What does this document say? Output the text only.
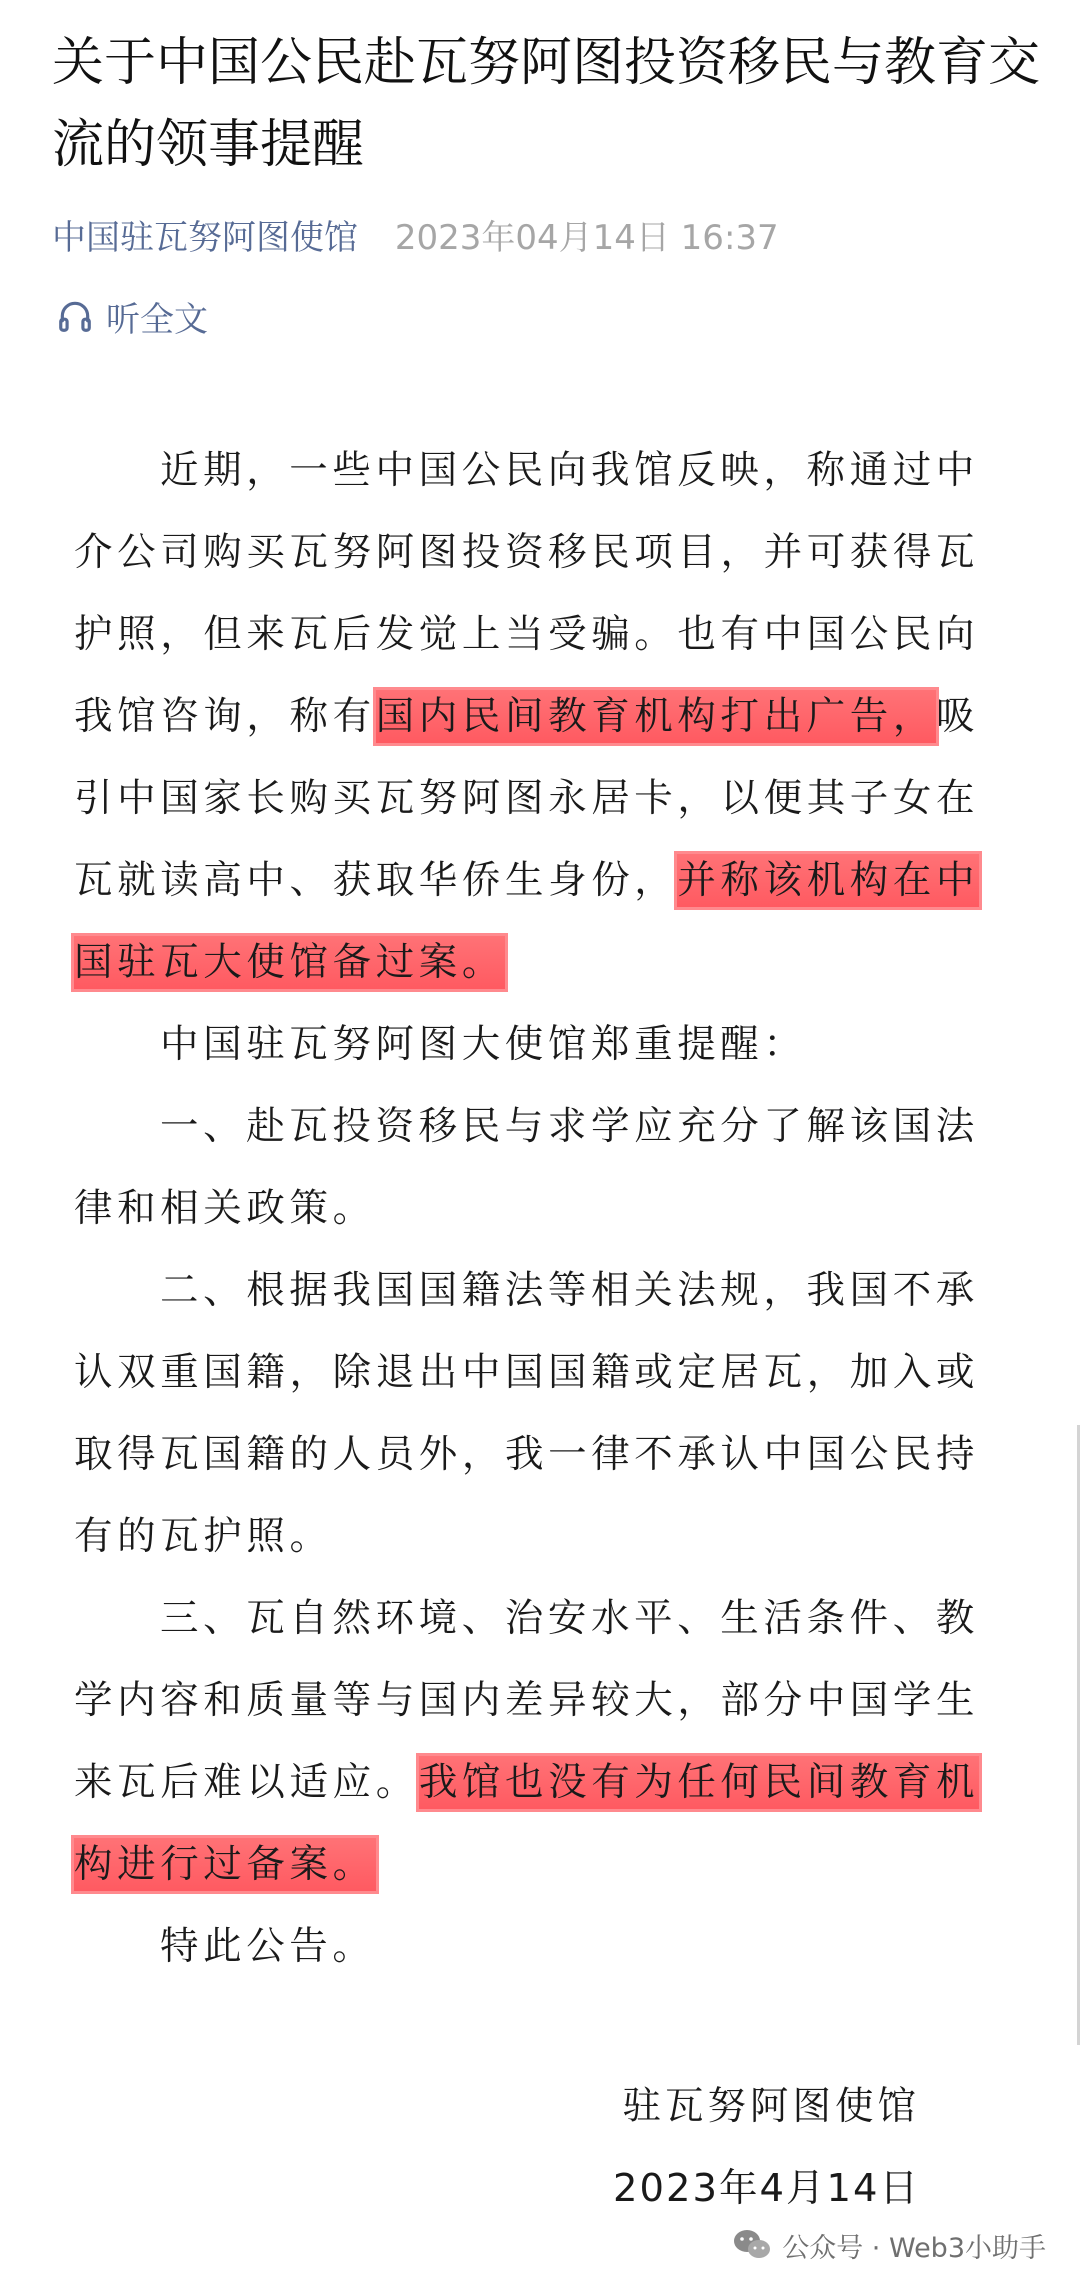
关于中国公民赴瓦努阿图投资移民与教育交流的领事提醒
中国驻瓦努阿图使馆 2023年04月14日 16:37
听全文

近期，一些中国公民向我馆反映，称通过中介公司购买瓦努阿图投资移民项目，并可获得瓦护照，但来瓦后发觉上当受骗。也有中国公民向我馆咨询，称有国内民间教育机构打出广告，吸引中国家长购买瓦努阿图永居卡，以便其子女在瓦就读高中、获取华侨生身份，并称该机构在中国驻瓦大使馆备过案。

中国驻瓦努阿图大使馆郑重提醒：

一、赴瓦投资移民与求学应充分了解该国法律和相关政策。

二、根据我国国籍法等相关法规，我国不承认双重国籍，除退出中国国籍或定居瓦，加入或取得瓦国籍的人员外，我一律不承认中国公民持有的瓦护照。

三、瓦自然环境、治安水平、生活条件、教学内容和质量等与国内差异较大，部分中国学生来瓦后难以适应。我馆也没有为任何民间教育机构进行过备案。

特此公告。

驻瓦努阿图使馆
2023年4月14日
公众号 · Web3小助手
